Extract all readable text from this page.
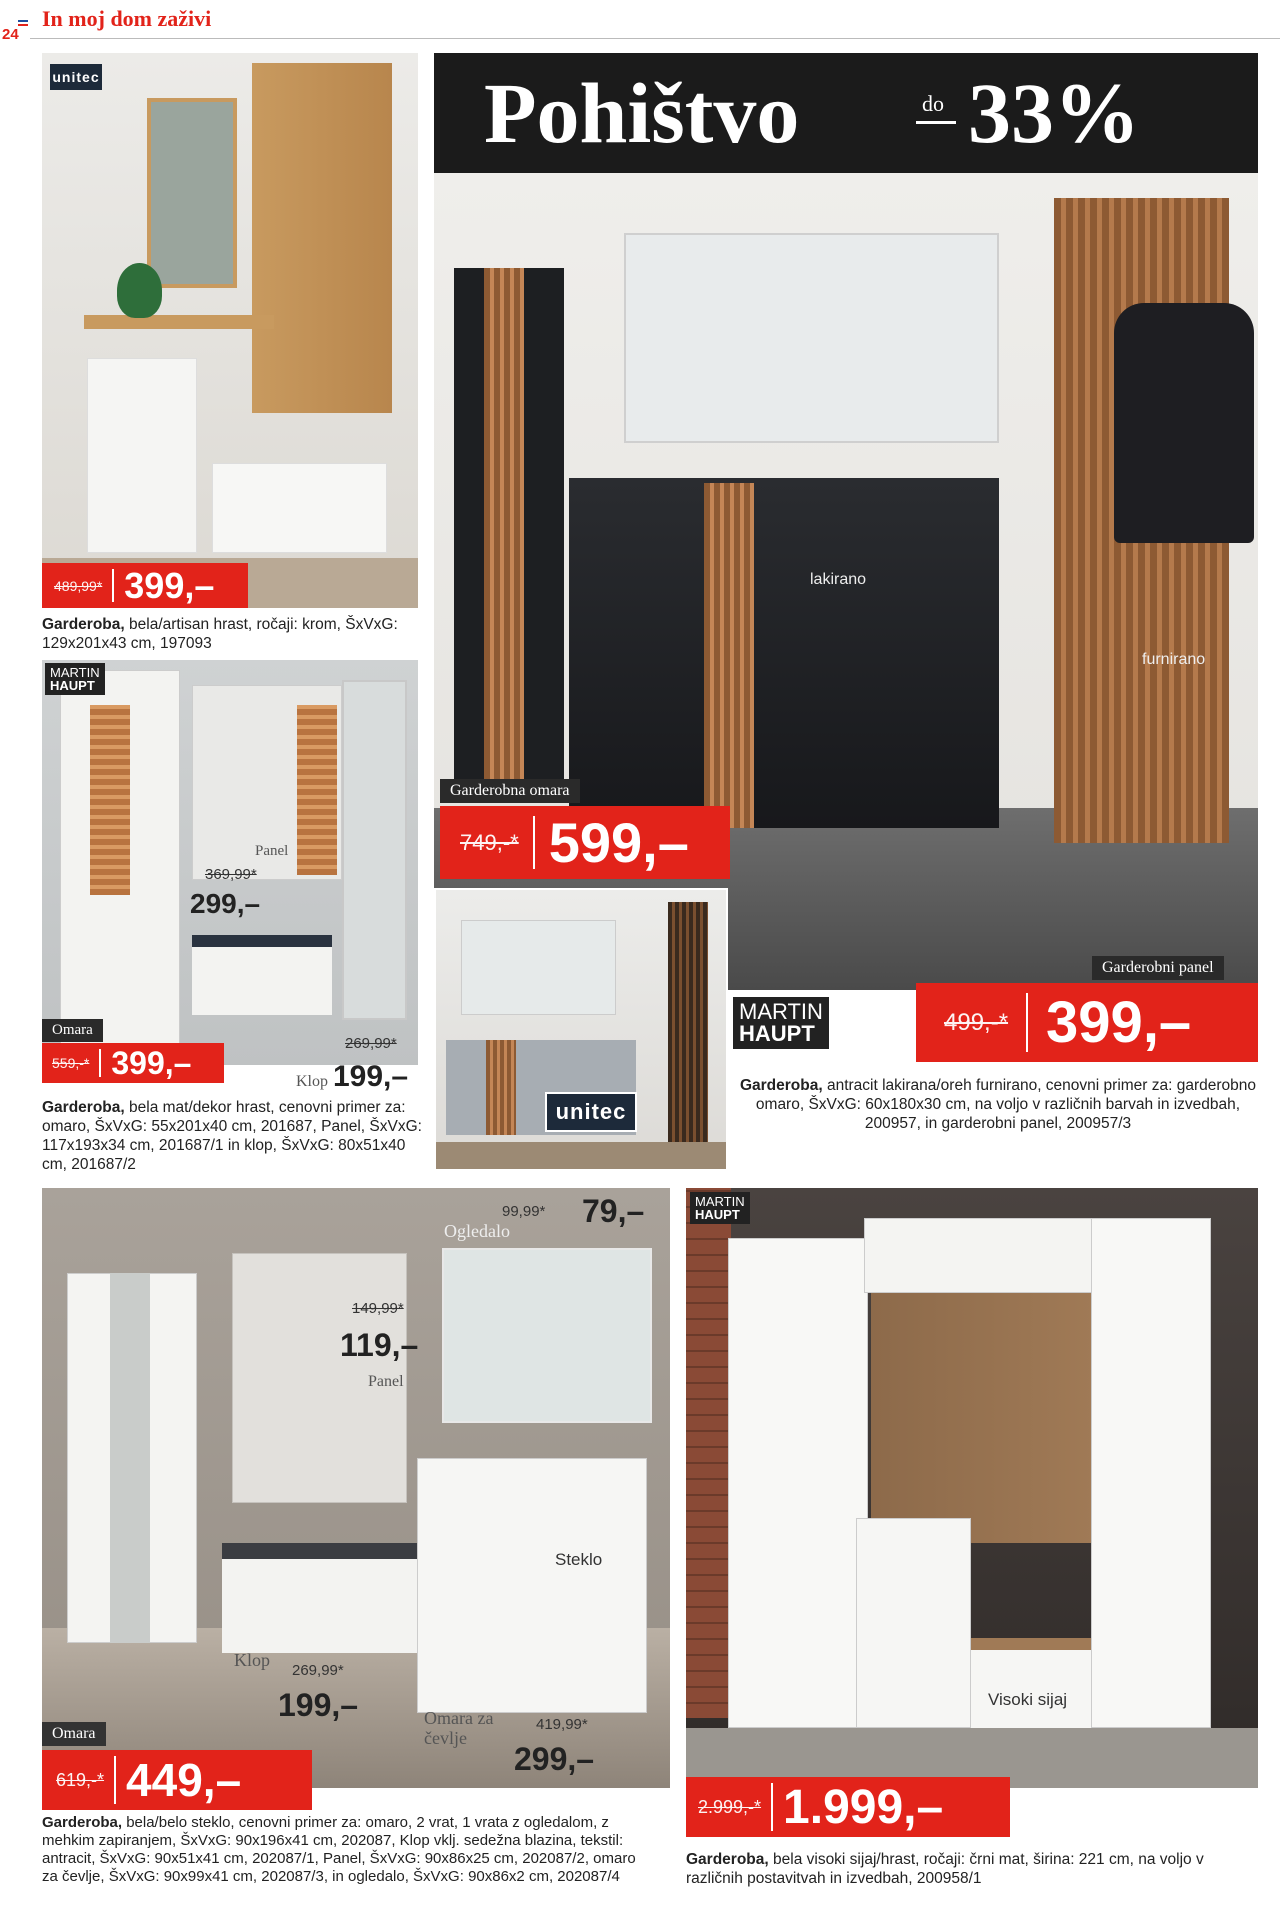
24
In moj dom zaživi
unitec
489,99* 399,–
Garderoba, bela/artisan hrast, ročaji: krom, ŠxVxG: 129x201x43 cm, 197093
MARTIN
HAUPT
Panel
369,99*
299,–
Omara
559,-* 399,–
269,99*
Klop 199,–
Garderoba, bela mat/dekor hrast, cenovni primer za: omaro, ŠxVxG: 55x201x40 cm, 201687, Panel, ŠxVxG: 117x193x34 cm, 201687/1 in klop, ŠxVxG: 80x51x40 cm, 201687/2
Pohištvo	do 33%
lakirano
furnirano
Garderobna omara
749,-* 599,–
unitec
Garderobni panel
MARTIN
HAUPT	499,-* 399,–
Garderoba, antracit lakirana/oreh furnirano, cenovni primer za: garderobno omaro, ŠxVxG: 60x180x30 cm, na voljo v različnih barvah in izvedbah, 200957, in garderobni panel, 200957/3
99,99* 79,–
Ogledalo
149,99*
119,–
Panel
Steklo
Klop
269,99*
199,–	Omara za čevlje
419,99*
299,–
Omara
619,-* 449,–
Garderoba, bela/belo steklo, cenovni primer za: omaro, 2 vrat, 1 vrata z ogledalom, z mehkim zapiranjem, ŠxVxG: 90x196x41 cm, 202087, Klop vklj. sedežna blazina, tekstil: antracit, ŠxVxG: 90x51x41 cm, 202087/1, Panel, ŠxVxG: 90x86x25 cm, 202087/2, omaro za čevlje, ŠxVxG: 90x99x41 cm, 202087/3, in ogledalo, ŠxVxG: 90x86x2 cm, 202087/4
MARTIN
HAUPT
Visoki sijaj
2.999,-* 1.999,–
Garderoba, bela visoki sijaj/hrast, ročaji: črni mat, širina: 221 cm, na voljo v različnih postavitvah in izvedbah, 200958/1
